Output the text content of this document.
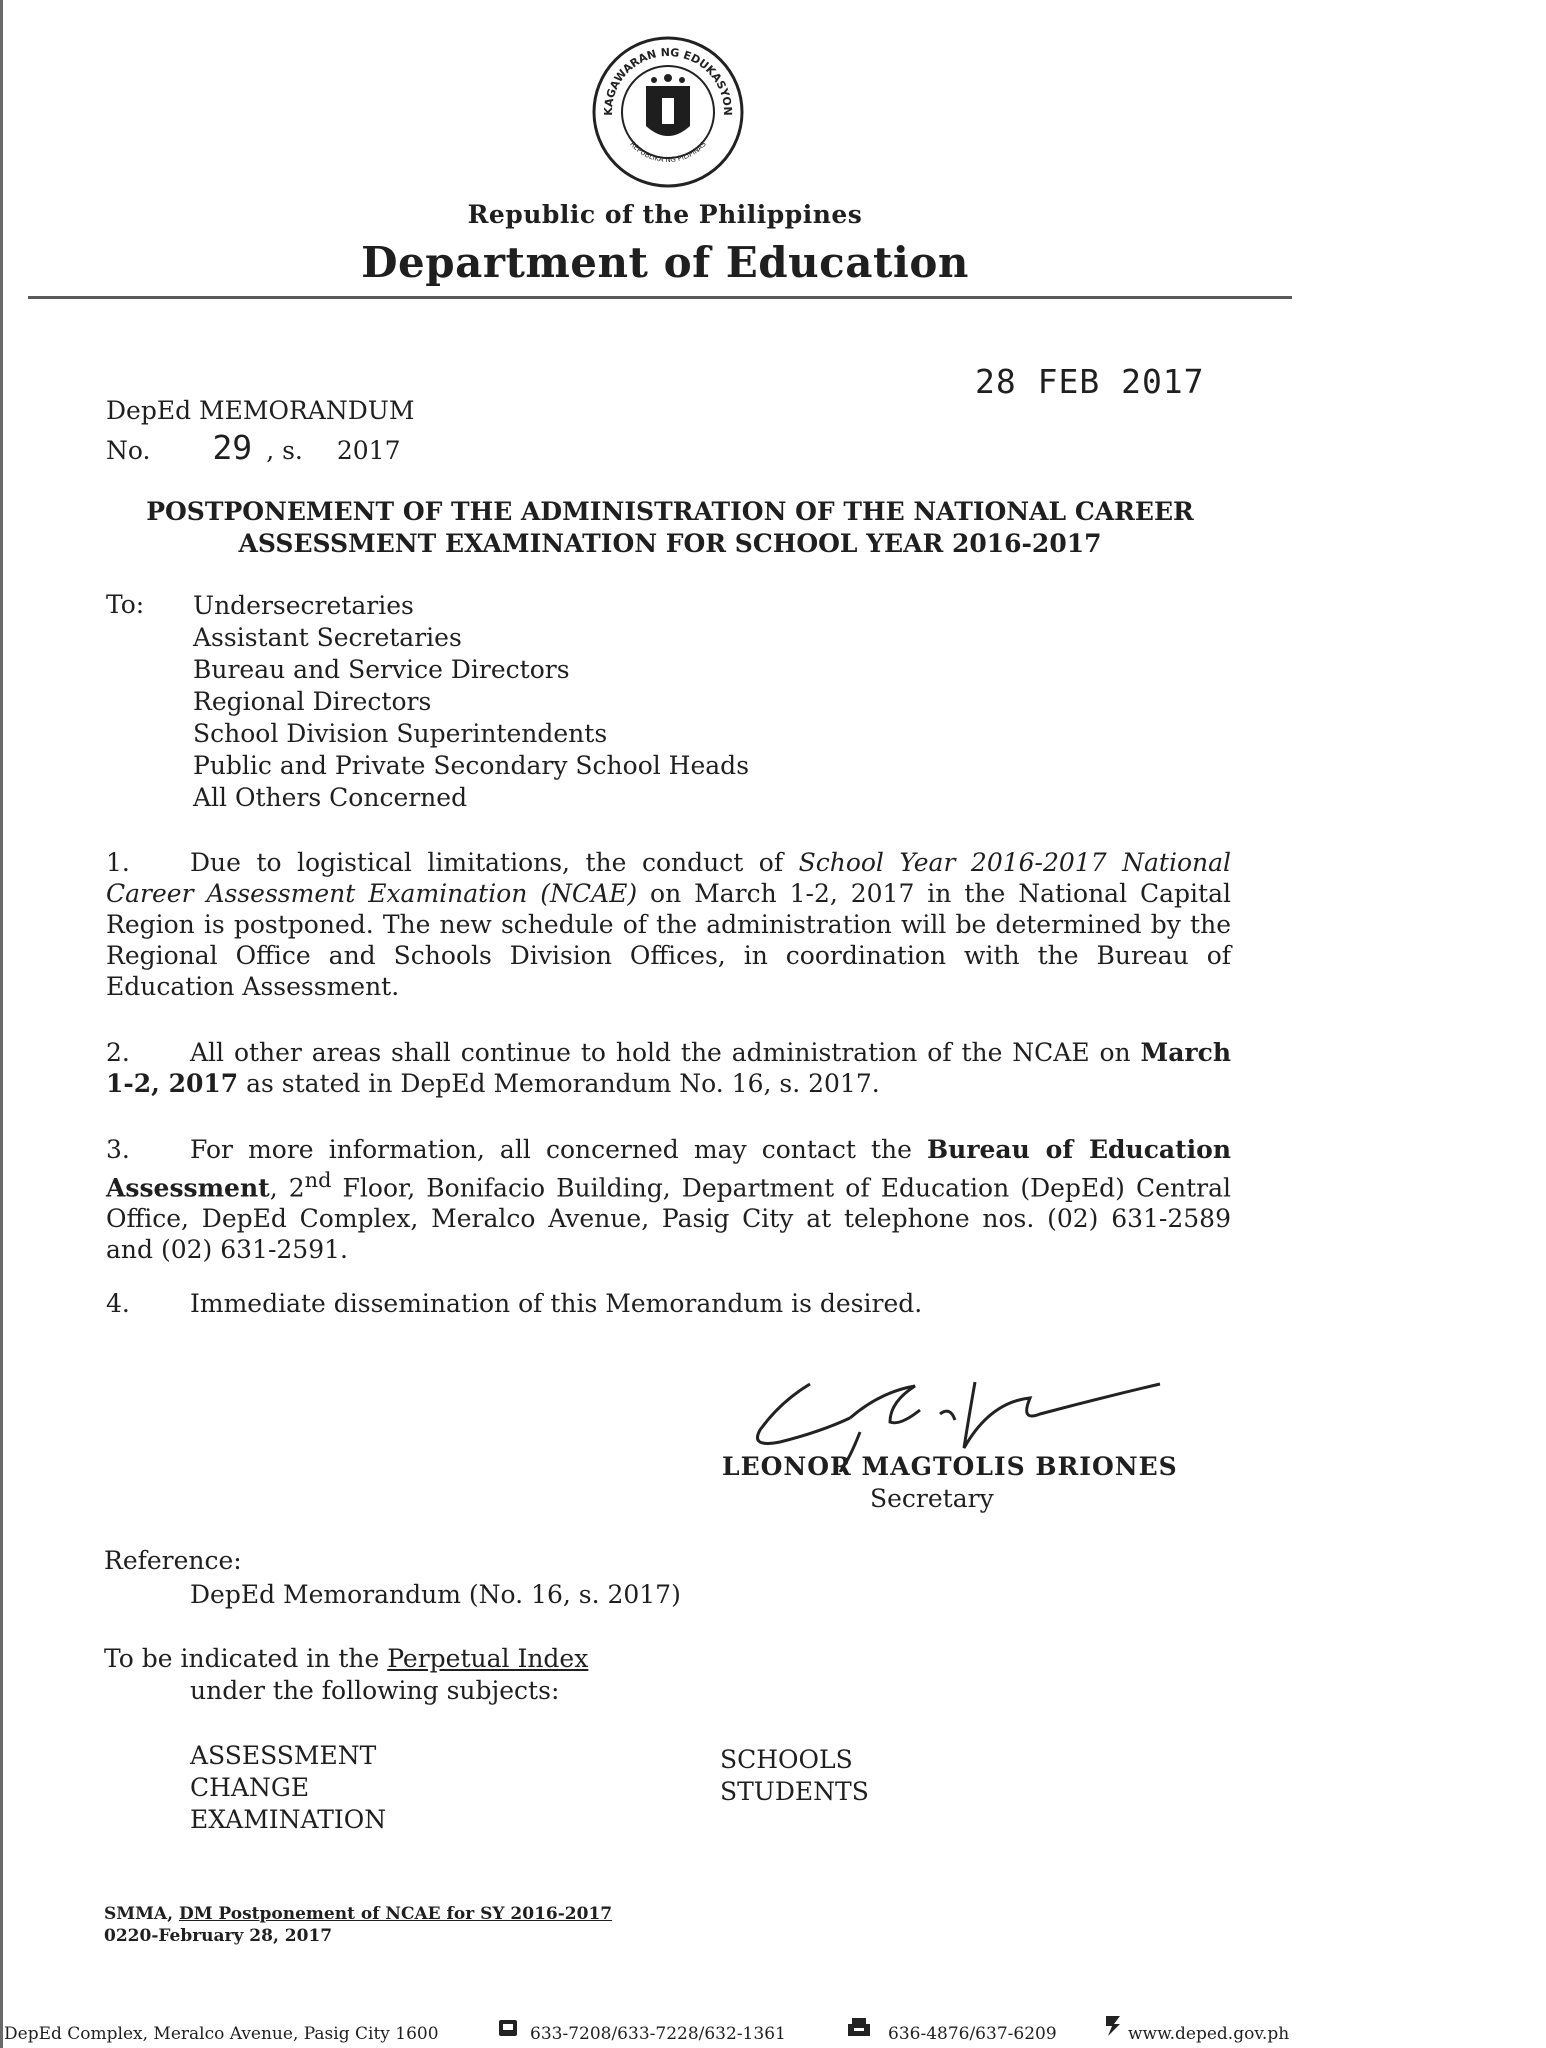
KAGAWARAN NG EDUKASYON
REPUBLIKA NG PILIPINAS
Republic of the Philippines
Department of Education
28 FEB 2017
DepEd MEMORANDUM
No. 29 , s. 2017
POSTPONEMENT OF THE ADMINISTRATION OF THE NATIONAL CAREER
ASSESSMENT EXAMINATION FOR SCHOOL YEAR 2016-2017
To: Undersecretaries
Assistant Secretaries
Bureau and Service Directors
Regional Directors
School Division Superintendents
Public and Private Secondary School Heads
All Others Concerned

1. Due to logistical limitations, the conduct of School Year 2016-2017 National Career Assessment Examination (NCAE) on March 1-2, 2017 in the National Capital Region is postponed. The new schedule of the administration will be determined by the Regional Office and Schools Division Offices, in coordination with the Bureau of Education Assessment.

2. All other areas shall continue to hold the administration of the NCAE on March 1-2, 2017 as stated in DepEd Memorandum No. 16, s. 2017.

3. For more information, all concerned may contact the Bureau of Education Assessment, 2nd Floor, Bonifacio Building, Department of Education (DepEd) Central Office, DepEd Complex, Meralco Avenue, Pasig City at telephone nos. (02) 631-2589 and (02) 631-2591.

4. Immediate dissemination of this Memorandum is desired.

LEONOR MAGTOLIS BRIONES
Secretary
Reference:
DepEd Memorandum (No. 16, s. 2017)
To be indicated in the Perpetual Index
under the following subjects:
ASSESSMENT
CHANGE
EXAMINATION
SCHOOLS
STUDENTS
SMMA, DM Postponement of NCAE for SY 2016-2017
0220-February 28, 2017
DepEd Complex, Meralco Avenue, Pasig City 1600	633-7208/633-7228/632-1361	636-4876/637-6209	www.deped.gov.ph
